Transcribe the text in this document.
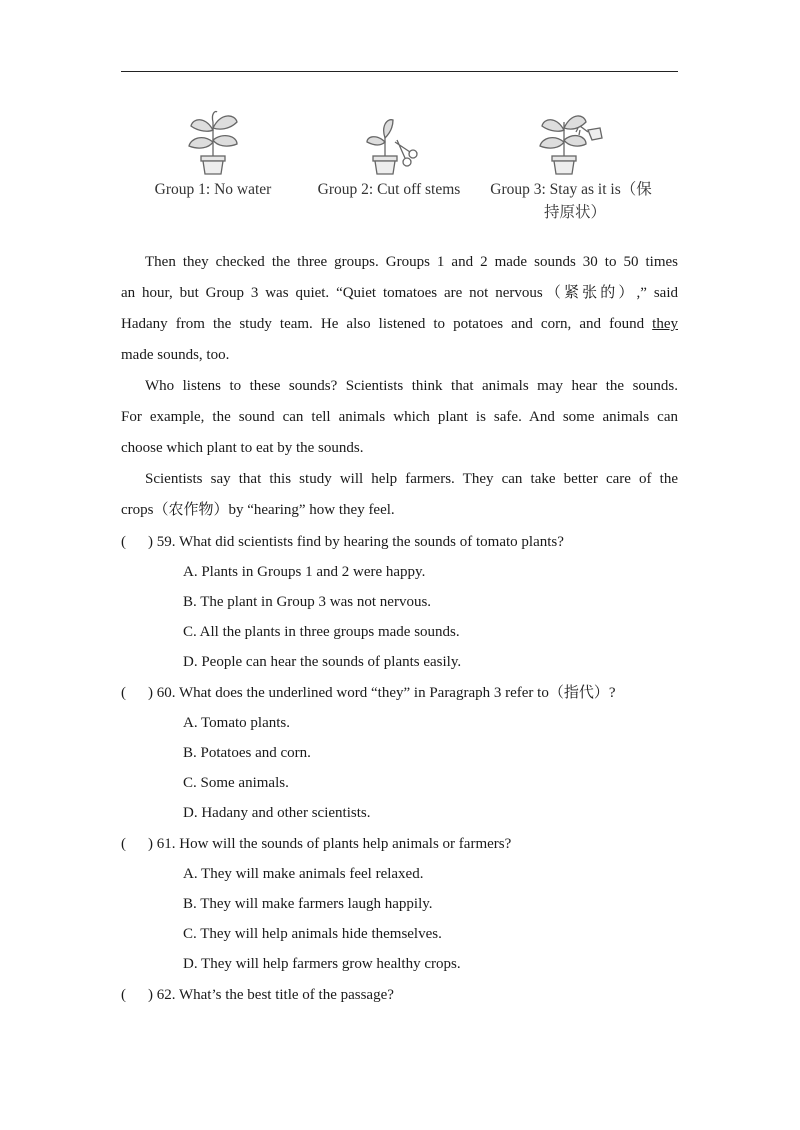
Group 1: No water	Group 2: Cut off stems	Group 3: Stay as it is（保
持原状）
Then they checked the three groups. Groups 1 and 2 made sounds 30 to 50 times
an hour, but Group 3 was quiet. “Quiet tomatoes are not nervous（紧张的）,” said
Hadany from the study team. He also listened to potatoes and corn, and found they
made sounds, too.
Who listens to these sounds? Scientists think that animals may hear the sounds.
For example, the sound can tell animals which plant is safe. And some animals can
choose which plant to eat by the sounds.
Scientists say that this study will help farmers. They can take better care of the
crops（农作物）by “hearing” how they feel.
( ) 59. What did scientists find by hearing the sounds of tomato plants?
A. Plants in Groups 1 and 2 were happy.
B. The plant in Group 3 was not nervous.
C. All the plants in three groups made sounds.
D. People can hear the sounds of plants easily.
( ) 60. What does the underlined word “they” in Paragraph 3 refer to（指代）?
A. Tomato plants.
B. Potatoes and corn.
C. Some animals.
D. Hadany and other scientists.
( ) 61. How will the sounds of plants help animals or farmers?
A. They will make animals feel relaxed.
B. They will make farmers laugh happily.
C. They will help animals hide themselves.
D. They will help farmers grow healthy crops.
( ) 62. What’s the best title of the passage?
